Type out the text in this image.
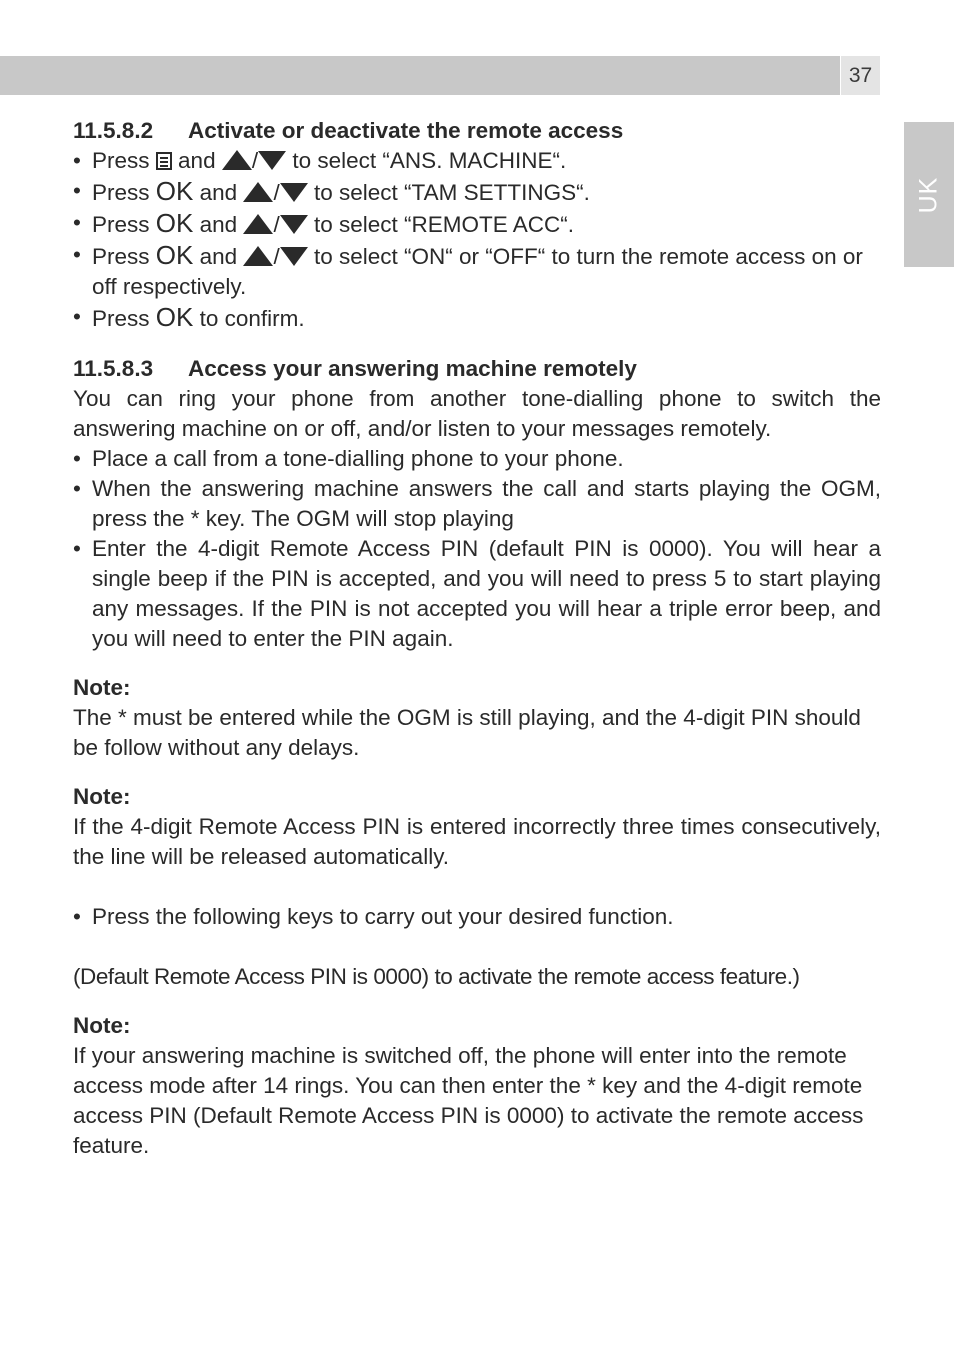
37
UK
11.5.8.2 Activate or deactivate the remote access
• Press and / to select “ANS. MACHINE“.
• Press OK and / to select “TAM SETTINGS“.
• Press OK and / to select “REMOTE ACC“.
• Press OK and / to select “ON“ or “OFF“ to turn the remote access on or off respectively.
• Press OK to confirm.
11.5.8.3 Access your answering machine remotely
You can ring your phone from another tone-dialling phone to switch the answering machine on or off, and/or listen to your messages remotely.
• Place a call from a tone-dialling phone to your phone.
• When the answering machine answers the call and starts playing the OGM, press the * key. The OGM will stop playing
• Enter the 4-digit Remote Access PIN (default PIN is 0000). You will hear a single beep if the PIN is accepted, and you will need to press 5 to start playing any messages. If the PIN is not accepted you will hear a triple error beep, and you will need to enter the PIN again.
Note:
The * must be entered while the OGM is still playing, and the 4-digit PIN should be follow without any delays.
Note:
If the 4-digit Remote Access PIN is entered incorrectly three times consecutively, the line will be released automatically.
• Press the following keys to carry out your desired function.
(Default Remote Access PIN is 0000) to activate the remote access feature.)
Note:
If your answering machine is switched off, the phone will enter into the remote access mode after 14 rings. You can then enter the * key and the 4-digit remote access PIN (Default Remote Access PIN is 0000) to activate the remote access feature.
